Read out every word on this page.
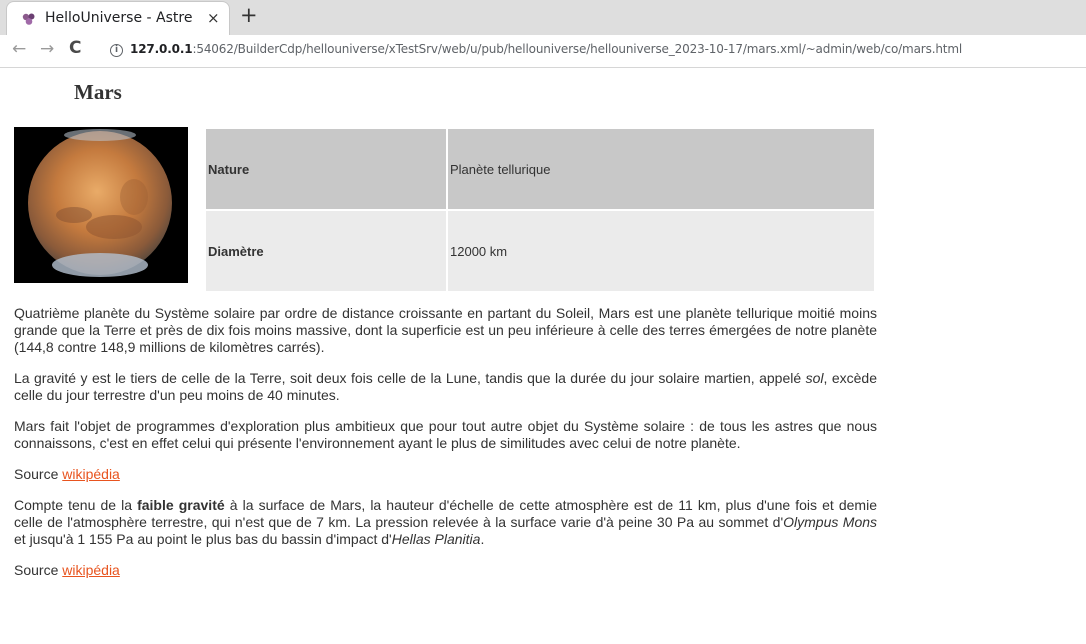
HelloUniverse - Astre × +
← → C	i 127.0.0.1:54062/BuilderCdp/hellouniverse/xTestSrv/web/u/pub/hellouniverse/hellouniverse_2023-10-17/mars.xml/~admin/web/co/mars.html
Mars
Nature	Planète tellurique
Diamètre	12000 km

Quatrième planète du Système solaire par ordre de distance croissante en partant du Soleil, Mars est une planète tellurique moitié moins grande que la Terre et près de dix fois moins massive, dont la superficie est un peu inférieure à celle des terres émergées de notre planète (144,8 contre 148,9 millions de kilomètres carrés).

La gravité y est le tiers de celle de la Terre, soit deux fois celle de la Lune, tandis que la durée du jour solaire martien, appelé sol, excède celle du jour terrestre d'un peu moins de 40 minutes.

Mars fait l'objet de programmes d'exploration plus ambitieux que pour tout autre objet du Système solaire : de tous les astres que nous connaissons, c'est en effet celui qui présente l'environnement ayant le plus de similitudes avec celui de notre planète.

Source wikipédia

Compte tenu de la faible gravité à la surface de Mars, la hauteur d'échelle de cette atmosphère est de 11 km, plus d'une fois et demie celle de l'atmosphère terrestre, qui n'est que de 7 km. La pression relevée à la surface varie d'à peine 30 Pa au sommet d'Olympus Mons et jusqu'à 1 155 Pa au point le plus bas du bassin d'impact d'Hellas Planitia.

Source wikipédia
